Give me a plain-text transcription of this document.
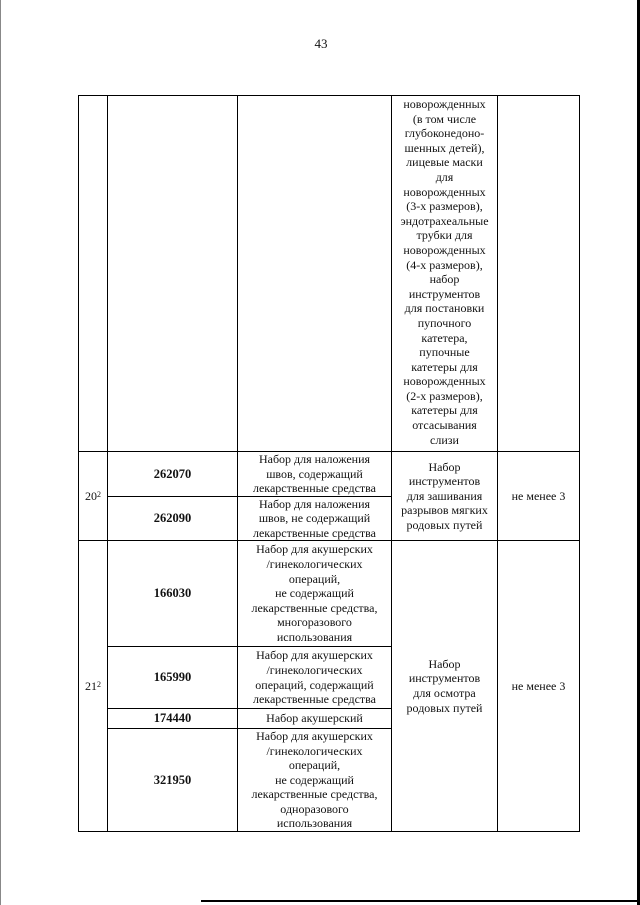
43
новорожденных
(в том числе
глубоконедоно-
шенных детей),
лицевые маски
для
новорожденных
(3-х размеров),
эндотрахеальные
трубки для
новорожденных
(4-х размеров),
набор
инструментов
для постановки
пупочного
катетера,
пупочные
катетеры для
новорожденных
(2-х размеров),
катетеры для
отсасывания
слизи
$20^2$
262070
Набор для наложения
швов, содержащий
лекарственные средства
262090
Набор для наложения
швов, не содержащий
лекарственные средства
Набор
инструментов
для зашивания
разрывов мягких
родовых путей
не менее 3
$21^2$
166030
Набор для акушерских
/гинекологических
операций,
не содержащий
лекарственные средства,
многоразового
использования
165990
Набор для акушерских
/гинекологических
операций, содержащий
лекарственные средства
174440	Набор акушерский
321950
Набор для акушерских
/гинекологических
операций,
не содержащий
лекарственные средства,
одноразового
использования
Набор
инструментов
для осмотра
родовых путей
не менее 3
